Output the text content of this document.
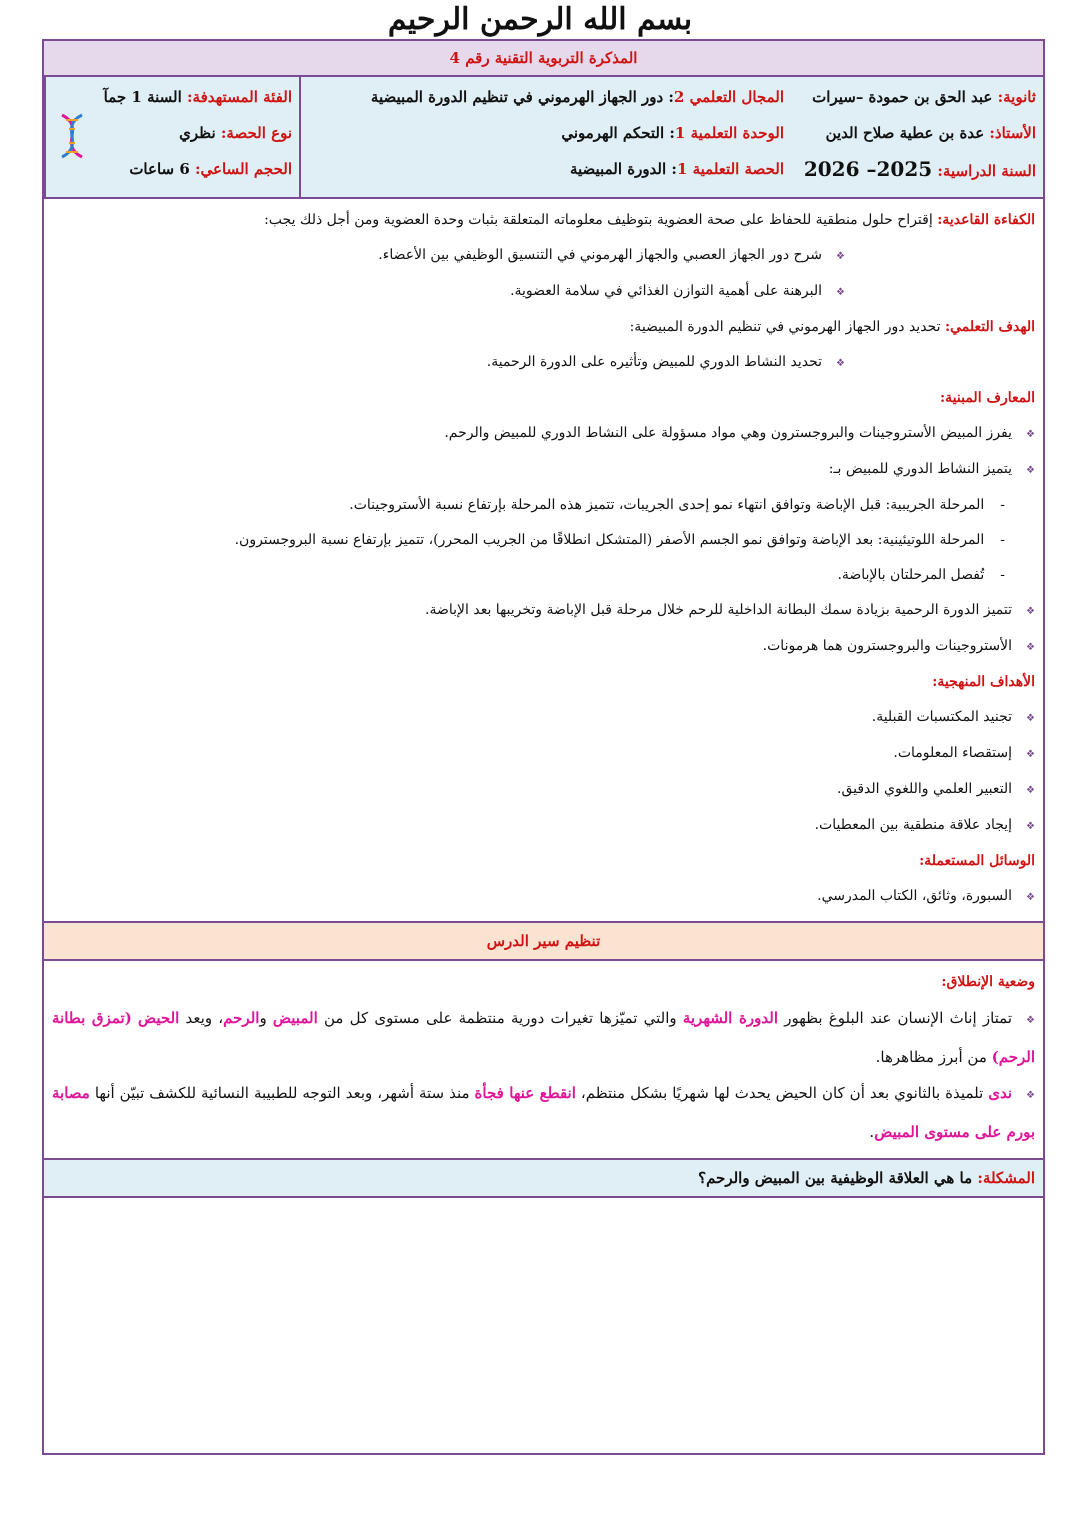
بسم الله الرحمن الرحيم
المذكرة التربوية التقنية رقم 4
ثانوية: عبد الحق بن حمودة –سيرات
الأستاذ: عدة بن عطية صلاح الدين
السنة الدراسية: 2025– 2026
المجال التعلمي 2: دور الجهاز الهرموني في تنظيم الدورة المبيضية
الوحدة التعلمية 1: التحكم الهرموني
الحصة التعلمية 1: الدورة المبيضية
الفئة المستهدفة: السنة 1 جمآ
نوع الحصة: نظري
الحجم الساعي: 6 ساعات
الكفاءة القاعدية: إقتراح حلول منطقية للحفاظ على صحة العضوية بتوظيف معلوماته المتعلقة بثبات وحدة العضوية ومن أجل ذلك يجب:
❖شرح دور الجهاز العصبي والجهاز الهرموني في التنسيق الوظيفي بين الأعضاء.
❖البرهنة على أهمية التوازن الغذائي في سلامة العضوية.
الهدف التعلمي: تحديد دور الجهاز الهرموني في تنظيم الدورة المبيضية:
❖تحديد النشاط الدوري للمبيض وتأثيره على الدورة الرحمية.
المعارف المبنية:
❖يفرز المبيض الأستروجينات والبروجسترون وهي مواد مسؤولة على النشاط الدوري للمبيض والرحم.
❖يتميز النشاط الدوري للمبيض بـ:
-المرحلة الجريبية: قبل الإباضة وتوافق انتهاء نمو إحدى الجريبات، تتميز هذه المرحلة بإرتفاع نسبة الأستروجينات.
-المرحلة اللوتيئينية: بعد الإباضة وتوافق نمو الجسم الأصفر (المتشكل انطلاقًا من الجريب المحرر)، تتميز بإرتفاع نسبة البروجسترون.
-تُفصل المرحلتان بالإباضة.
❖تتميز الدورة الرحمية بزيادة سمك البطانة الداخلية للرحم خلال مرحلة قبل الإباضة وتخريبها بعد الإباضة.
❖الأستروجينات والبروجسترون هما هرمونات.
الأهداف المنهجية:
❖تجنيد المكتسبات القبلية.
❖إستقصاء المعلومات.
❖التعبير العلمي واللغوي الدقيق.
❖إيجاد علاقة منطقية بين المعطيات.
الوسائل المستعملة:
❖السبورة، وثائق، الكتاب المدرسي.
تنظيم سير الدرس
وضعية الإنطلاق:
❖تمتاز إناث الإنسان عند البلوغ بظهور الدورة الشهرية والتي تميّزها تغيرات دورية منتظمة على مستوى كل من المبيض والرحم، ويعد الحيض (تمزق بطانة الرحم) من أبرز مظاهرها.
❖ندى تلميذة بالثانوي بعد أن كان الحيض يحدث لها شهريًا بشكل منتظم، انقطع عنها فجأة منذ ستة أشهر، وبعد التوجه للطبيبة النسائية للكشف تبيّن أنها مصابة بورم على مستوى المبيض.
المشكلة: ما هي العلاقة الوظيفية بين المبيض والرحم؟
